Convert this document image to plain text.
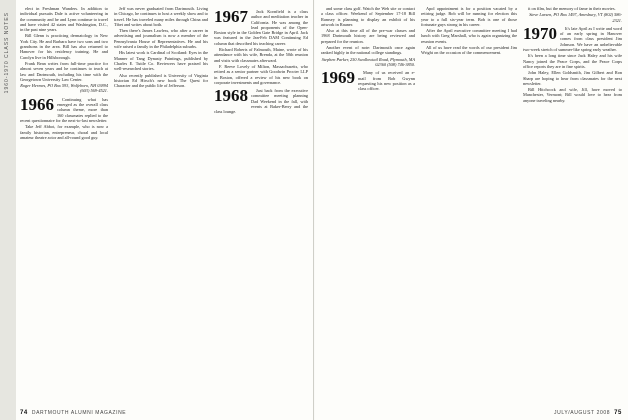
1960-1970 CLASS NOTES

elect in Freshman Wanders. In addition to individual pursuits Dale is active volunteering in the community and he and Lynn continue to travel and have visited 42 states and Washington, D.C., in the past nine years.

Bill Glenn is practicing dermatology in New York City. He and Barbara have two sons and two grandsons in the area. Bill has also returned to Hanover for his residency training. He and Carolyn live in Hillsborough.

Frank Bean writes from full-time practice for almost seven years and he continues to teach at law and Dartmouth, including his time with the Georgetown University Law Center.

Roger Hermes, PO Box 593, Wolfeboro, NH 03894 (603) 569-4521.
1966	Continuing what has emerged as the overall class column theme, more than 160 classmates replied to the recent questionnaire for the next-to-last newsletter.

Take Jeff Abbot, for example, who is now a family historian, entrepreneur, choral and local amateur theatre actor and all-round good guy.

Jeff was never graduated from Dartmouth. Living in Chicago, he continues to host a weekly show and to travel. He has traveled many miles through China and Tibet and writes about both.

Then there's James Lawless, who after a career in advertising and journalism is now a member of the Pennsylvania House of Representatives. He and his wife raised a family in the Philadelphia suburbs.

His latest work is Cardinal of Scotland: Eyes in the Manner of Tang Dynasty Paintings, published by Charles E. Tuttle Co. Reviewers have praised his well-researched stories.

Also recently published is University of Virginia historian Ed Hirsch's new book The Quest for Character and the public life of Jefferson.

1967	Jack Kornfield is a class author and meditation teacher in California. He was among the lead proponents of the Open-Boston style in the Golden Gate Bridge in April. Jack was featured in the Jan-Feb DAM Continuing Ed column that described his teaching career.

Richard Roberts of Falmouth, Maine, wrote of his attendance with his wife, Brenda, at the 50th reunion and visits with classmates afterward.

F. Reeve Lovely of Milton, Massachusetts, who retired as a senior partner with Goodwin Procter LLP in Boston, offered a review of his new book on corporate investments and governance.

1968	Just back from the executive committee meeting planning Dad Weekend in the fall, with events at Baker-Berry and the class lounge.

74 DARTMOUTH ALUMNI MAGAZINE

and some class golf. Watch the Web site or contact a class officer. Weekend of September 17-18 Bill Ramsey is planning to display an exhibit of his artwork in Rauner.

Also at this time all of the pre-war classes and 1968 Dartmouth history are being reviewed and prepared for the reunion.

Another event of note: Dartmouth once again ranked highly in the national college standings.

Stephen Parker, 250 Swallowtail Road, Plymouth, MA 02360 (508) 746-3850.
1969	Many of us received an e-mail from Bob Gwynn requesting his new position as a class officer.

Apol appointment is for a position vacated by a retiring judge. Bob will be running for election this year to a full six-year term. Bob is one of those fortunate guys strong in his career.

After the April executive committee meeting I had lunch with Greg Marshall, who is again organizing the reunion events.

All of us have read the words of our president Jim Wright on the occasion of the commencement.

it on film, but the memory of fame in their movies.

Steve Larsen, PO Box 1497, Amesbury, VT (802) 586-2321.
1970	It's late April as I write and word of an early spring in Hanover comes from class president Jim Johnson. We have an unbelievable two-week stretch of summer-like spring early weather.

It's been a long time since Jack Haley and his wife Nancy joined the Peace Corps, and the Peace Corps office reports they are in fine spirits.

John Haley, Ellen Goldsmith, Jim Gilbert and Ron Sharp are hoping to hear from classmates for the next newsletter.

Bill Hitchcock and wife, Jill, have moved to Manchester, Vermont; Bill would love to hear from anyone traveling nearby.

JULY/AUGUST 2008 75
